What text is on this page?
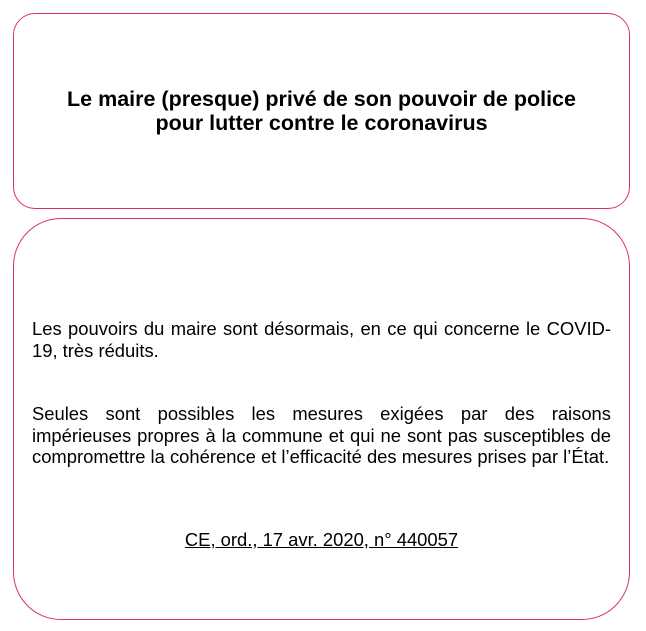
Le maire (presque) privé de son pouvoir de police
pour lutter contre le coronavirus

Les pouvoirs du maire sont désormais, en ce qui concerne le COVID-19, très réduits.

Seules sont possibles les mesures exigées par des raisons impérieuses propres à la commune et qui ne sont pas susceptibles de compromettre la cohérence et l’efficacité des mesures prises par l’État.

CE, ord., 17 avr. 2020, n° 440057
